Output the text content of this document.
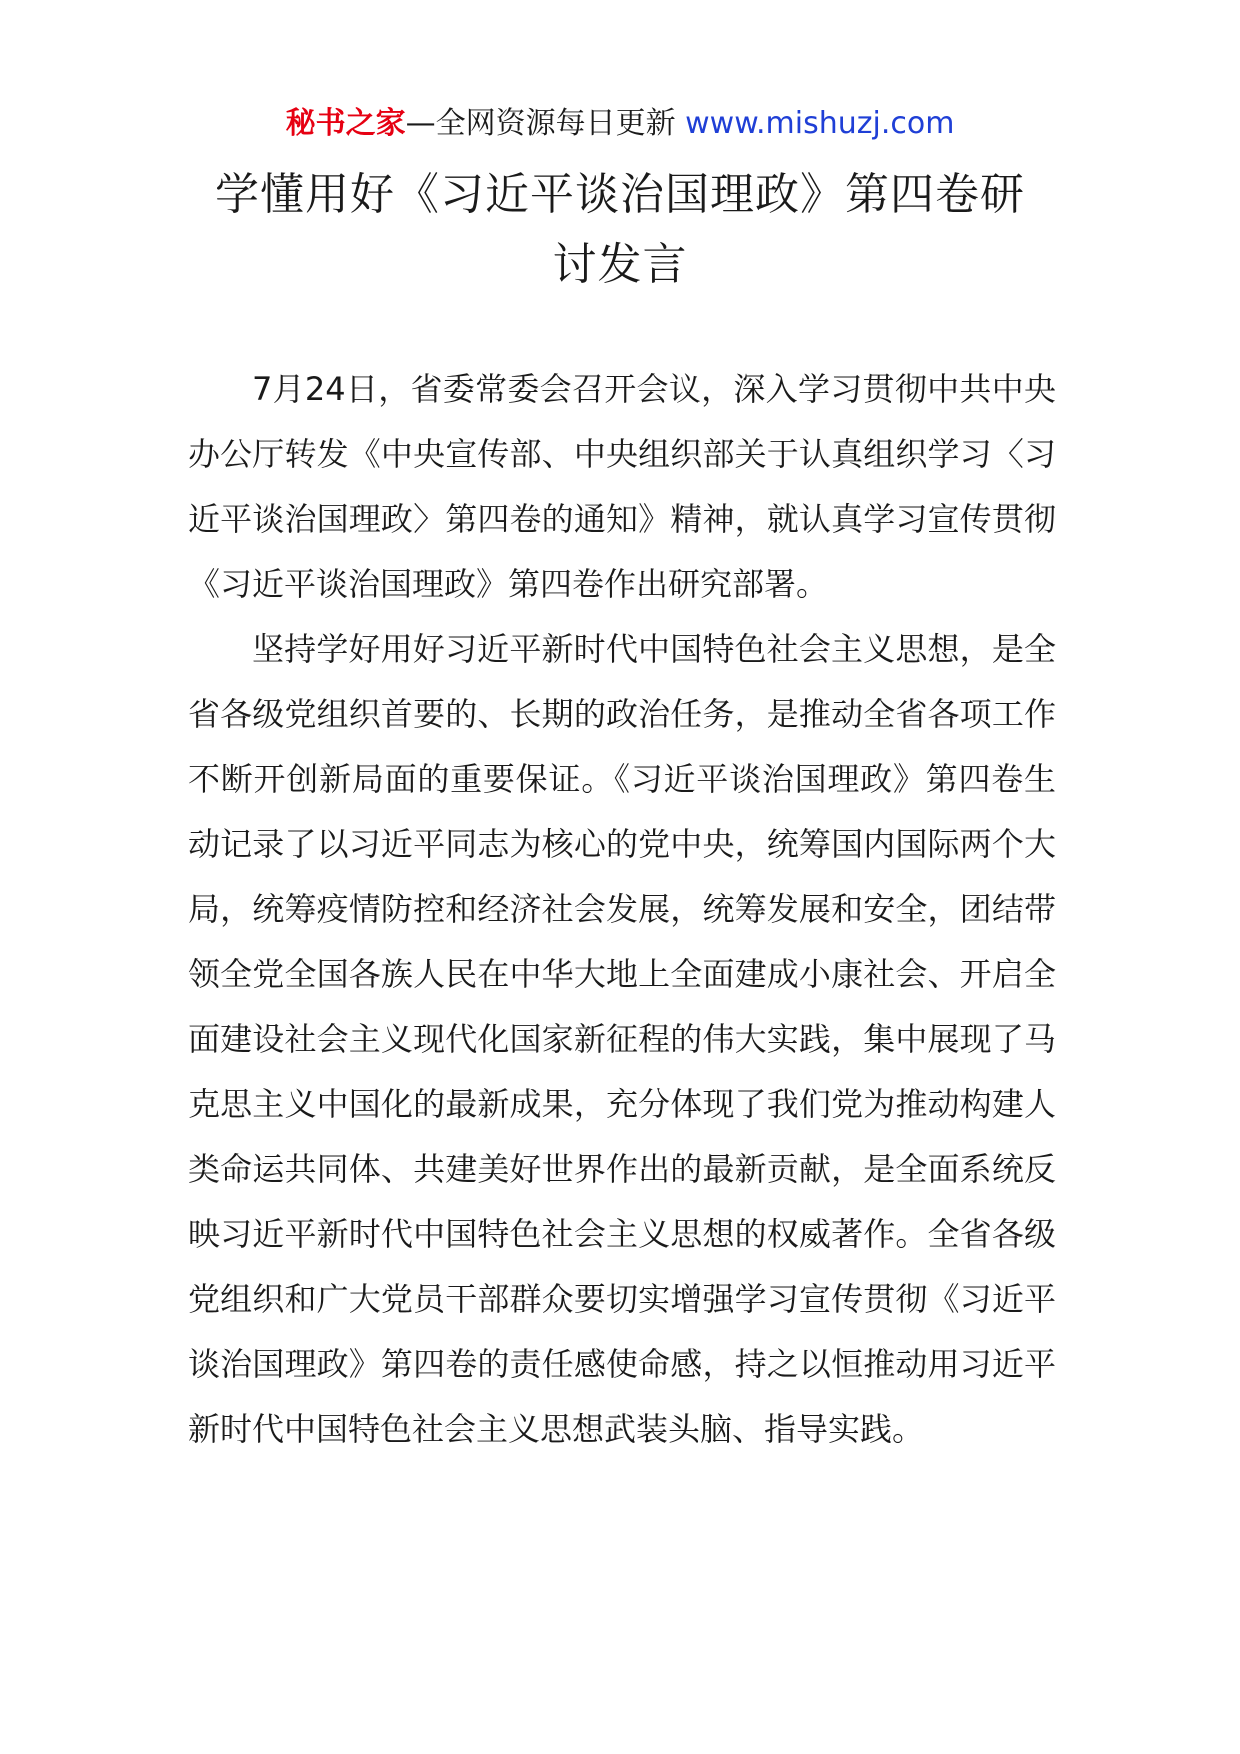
秘书之家—全网资源每日更新 www.mishuzj.com
学懂用好《习近平谈治国理政》第四卷研讨发言

7月24日，省委常委会召开会议，深入学习贯彻中共中央办公厅转发《中央宣传部、中央组织部关于认真组织学习〈习近平谈治国理政〉第四卷的通知》精神，就认真学习宣传贯彻《习近平谈治国理政》第四卷作出研究部署。

坚持学好用好习近平新时代中国特色社会主义思想，是全省各级党组织首要的、长期的政治任务，是推动全省各项工作不断开创新局面的重要保证。《习近平谈治国理政》第四卷生动记录了以习近平同志为核心的党中央，统筹国内国际两个大局，统筹疫情防控和经济社会发展，统筹发展和安全，团结带领全党全国各族人民在中华大地上全面建成小康社会、开启全面建设社会主义现代化国家新征程的伟大实践，集中展现了马克思主义中国化的最新成果，充分体现了我们党为推动构建人类命运共同体、共建美好世界作出的最新贡献，是全面系统反映习近平新时代中国特色社会主义思想的权威著作。全省各级党组织和广大党员干部群众要切实增强学习宣传贯彻《习近平谈治国理政》第四卷的责任感使命感，持之以恒推动用习近平新时代中国特色社会主义思想武装头脑、指导实践。
